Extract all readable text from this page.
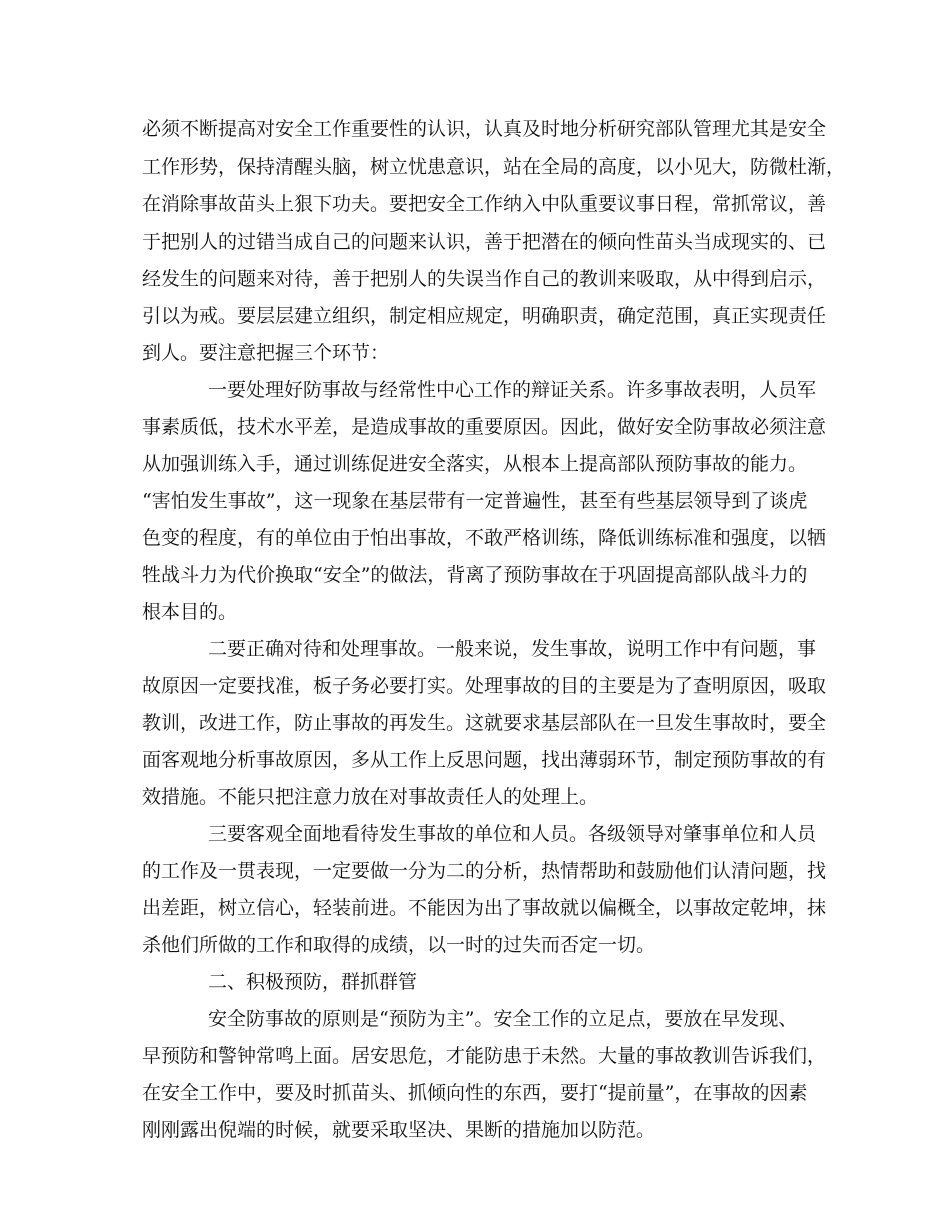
必须不断提高对安全工作重要性的认识，认真及时地分析研究部队管理尤其是安全
工作形势，保持清醒头脑，树立忧患意识，站在全局的高度，以小见大，防微杜渐，
在消除事故苗头上狠下功夫。要把安全工作纳入中队重要议事日程，常抓常议，善
于把别人的过错当成自己的问题来认识，善于把潜在的倾向性苗头当成现实的、已
经发生的问题来对待，善于把别人的失误当作自己的教训来吸取，从中得到启示，
引以为戒。要层层建立组织，制定相应规定，明确职责，确定范围，真正实现责任
到人。要注意把握三个环节：
一要处理好防事故与经常性中心工作的辩证关系。许多事故表明，人员军
事素质低，技术水平差，是造成事故的重要原因。因此，做好安全防事故必须注意
从加强训练入手，通过训练促进安全落实，从根本上提高部队预防事故的能力。
“害怕发生事故”，这一现象在基层带有一定普遍性，甚至有些基层领导到了谈虎
色变的程度，有的单位由于怕出事故，不敢严格训练，降低训练标准和强度，以牺
牲战斗力为代价换取“安全”的做法，背离了预防事故在于巩固提高部队战斗力的
根本目的。
二要正确对待和处理事故。一般来说，发生事故，说明工作中有问题，事
故原因一定要找准，板子务必要打实。处理事故的目的主要是为了查明原因，吸取
教训，改进工作，防止事故的再发生。这就要求基层部队在一旦发生事故时，要全
面客观地分析事故原因，多从工作上反思问题，找出薄弱环节，制定预防事故的有
效措施。不能只把注意力放在对事故责任人的处理上。
三要客观全面地看待发生事故的单位和人员。各级领导对肇事单位和人员
的工作及一贯表现，一定要做一分为二的分析，热情帮助和鼓励他们认清问题，找
出差距，树立信心，轻装前进。不能因为出了事故就以偏概全，以事故定乾坤，抹
杀他们所做的工作和取得的成绩，以一时的过失而否定一切。
二、积极预防，群抓群管
安全防事故的原则是“预防为主”。安全工作的立足点，要放在早发现、
早预防和警钟常鸣上面。居安思危，才能防患于未然。大量的事故教训告诉我们，
在安全工作中，要及时抓苗头、抓倾向性的东西，要打“提前量”，在事故的因素
刚刚露出倪端的时候，就要采取坚决、果断的措施加以防范。
